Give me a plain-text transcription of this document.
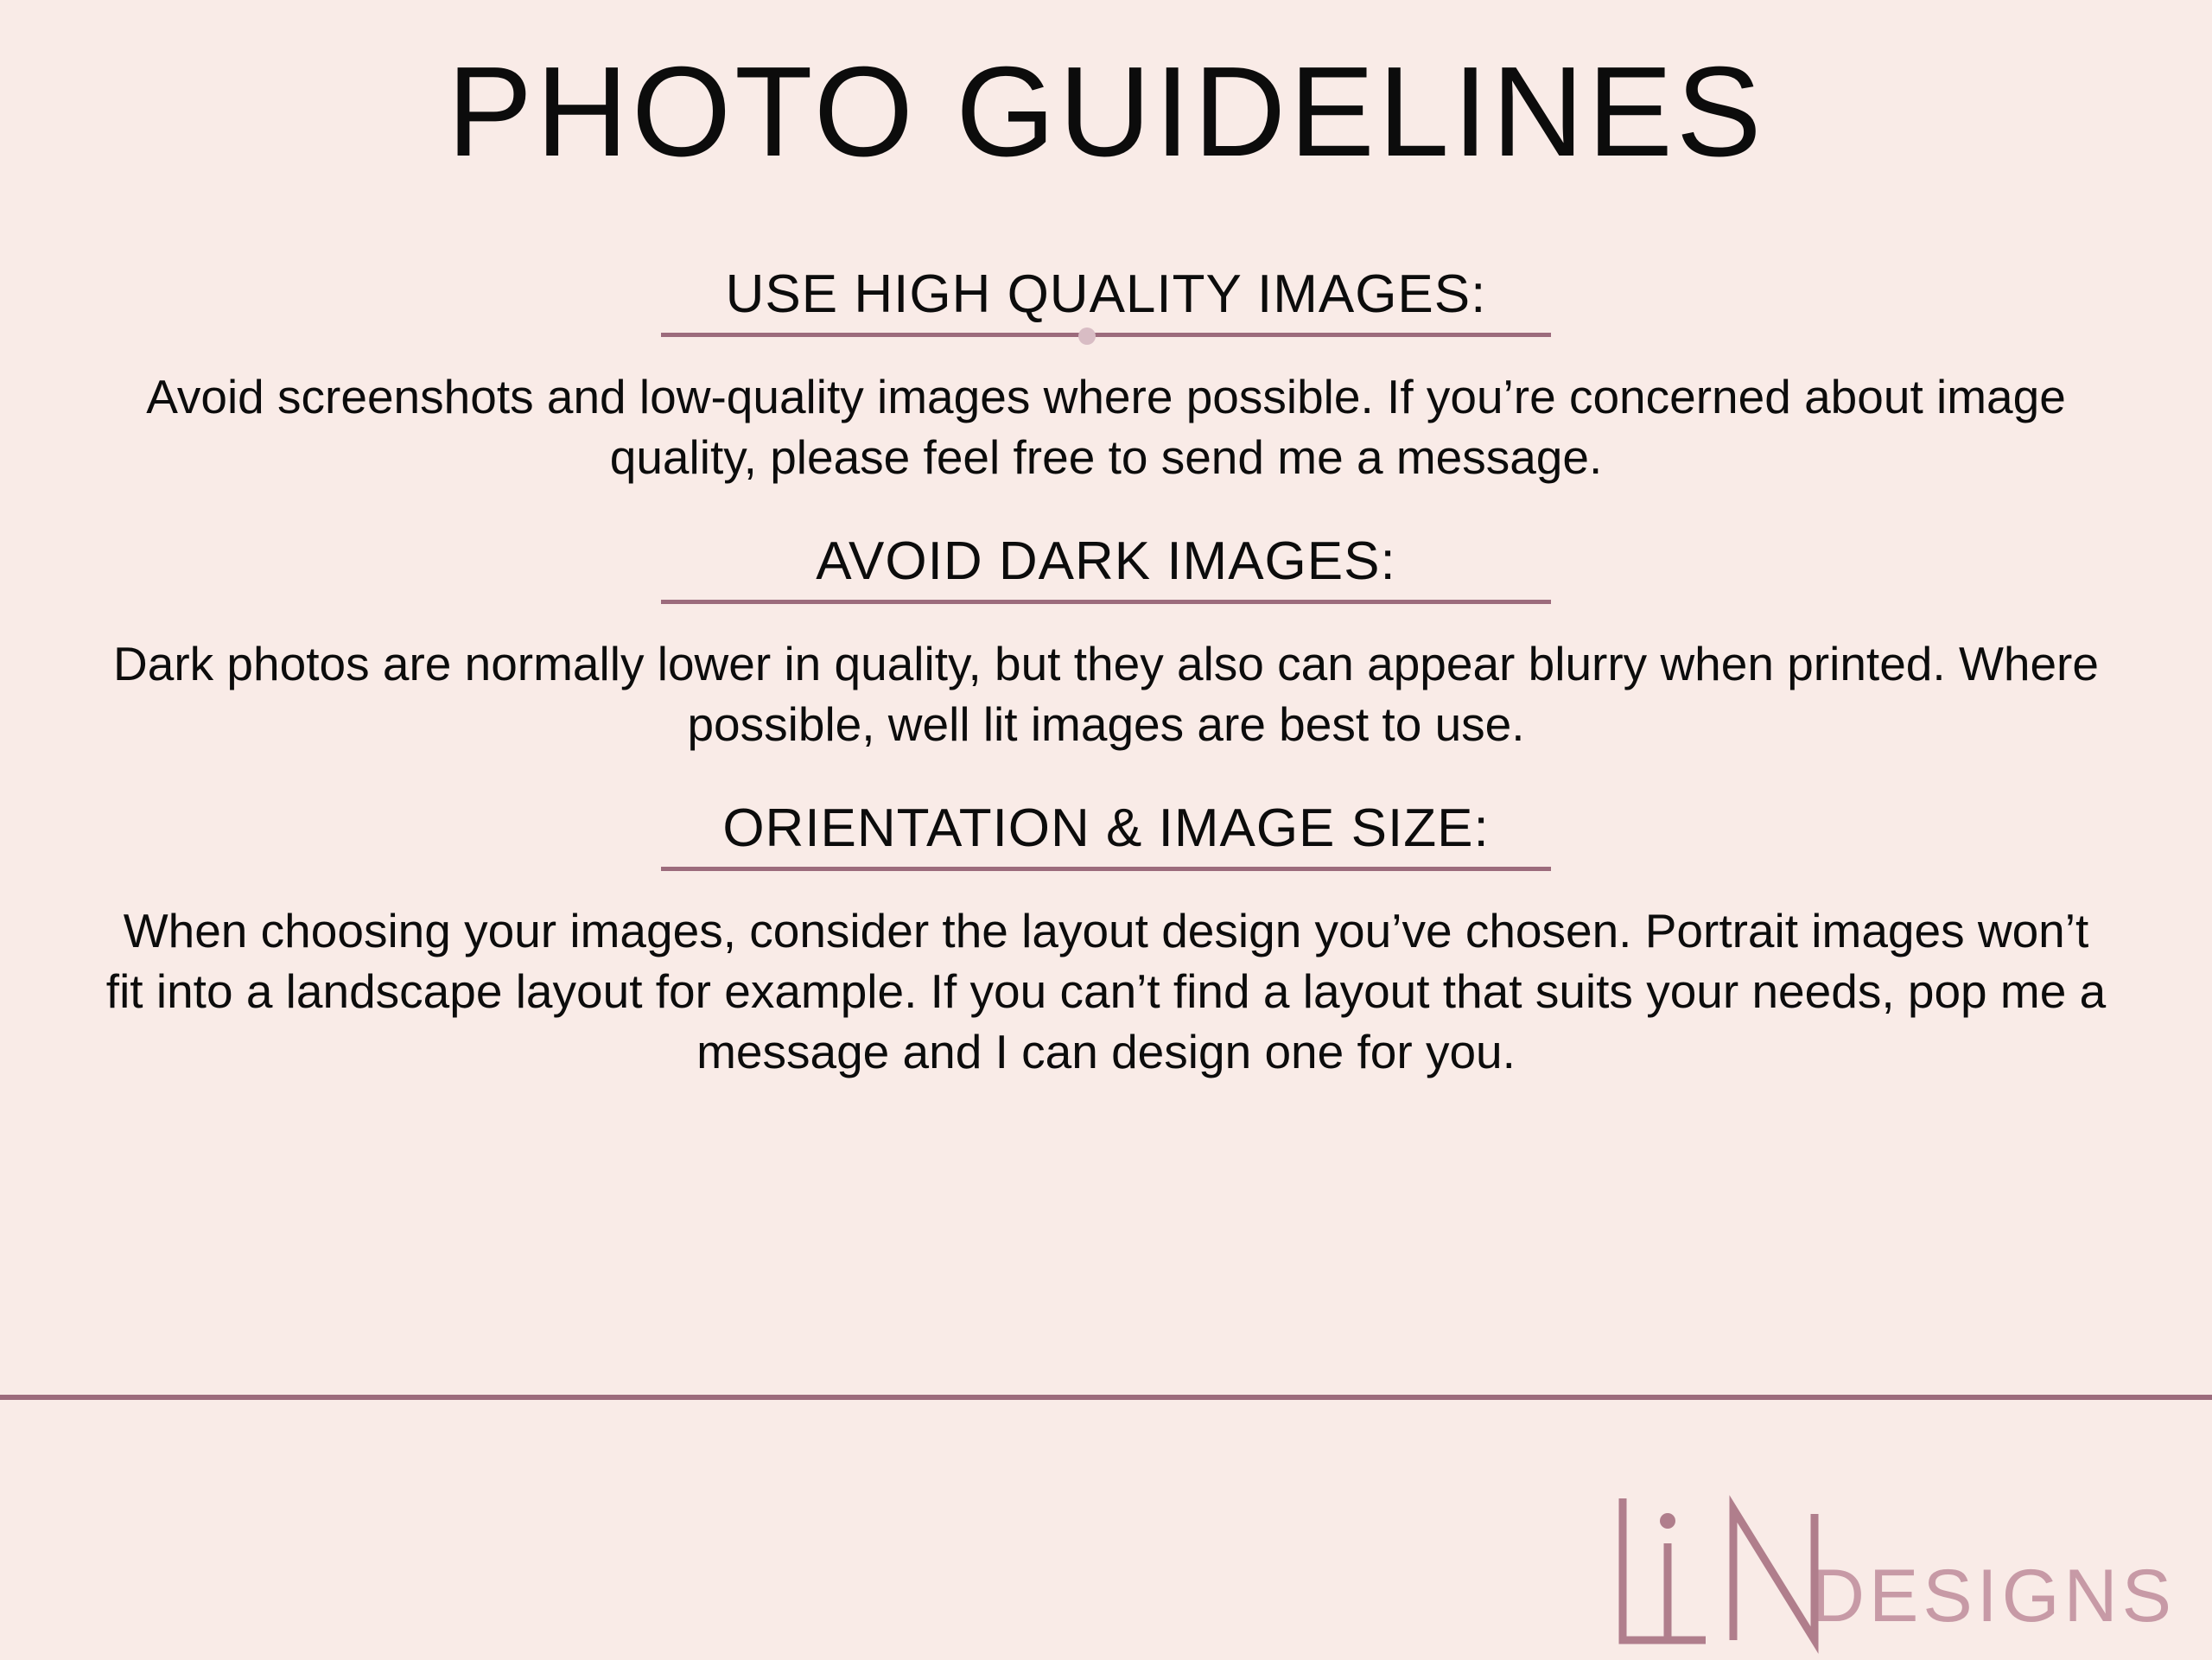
PHOTO GUIDELINES
USE HIGH QUALITY IMAGES:

Avoid screenshots and low-quality images where possible. If you’re concerned about image quality, please feel free to send me a message.

AVOID DARK IMAGES:

Dark photos are normally lower in quality, but they also can appear blurry when printed. Where possible, well lit images are best to use.

ORIENTATION & IMAGE SIZE:

When choosing your images, consider the layout design you’ve chosen. Portrait images won’t fit into a landscape layout for example. If you can’t find a layout that suits your needs, pop me a message and I can design one for you.

DESIGNS
